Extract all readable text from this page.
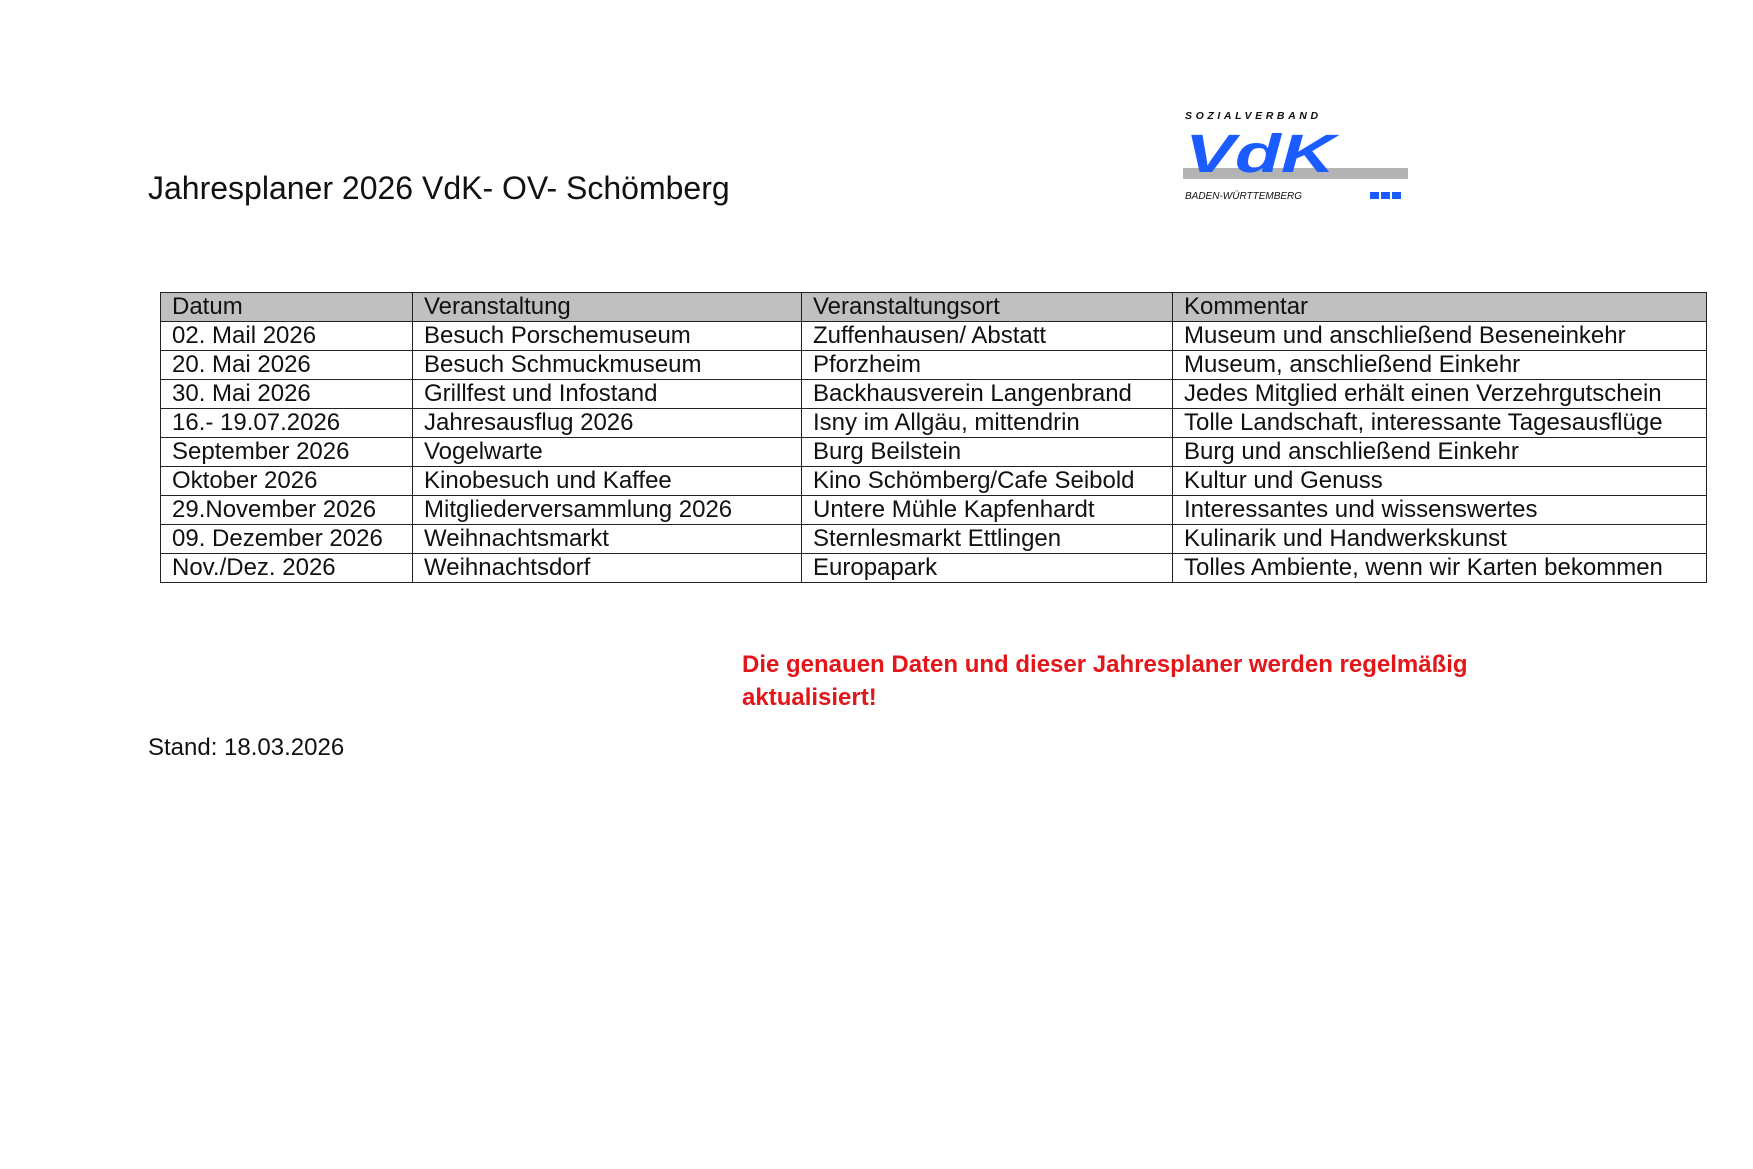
Jahresplaner 2026 VdK- OV- Schömberg
SOZIALVERBAND
VdK
BADEN-WÜRTTEMBERG
Datum	Veranstaltung	Veranstaltungsort	Kommentar
02. Mail 2026	Besuch Porschemuseum	Zuffenhausen/ Abstatt	Museum und anschließend Beseneinkehr
20. Mai 2026	Besuch Schmuckmuseum	Pforzheim	Museum, anschließend Einkehr
30. Mai 2026	Grillfest und Infostand	Backhausverein Langenbrand	Jedes Mitglied erhält einen Verzehrgutschein
16.- 19.07.2026	Jahresausflug 2026	Isny im Allgäu, mittendrin	Tolle Landschaft, interessante Tagesausflüge
September 2026	Vogelwarte	Burg Beilstein	Burg und anschließend Einkehr
Oktober 2026	Kinobesuch und Kaffee	Kino Schömberg/Cafe Seibold	Kultur und Genuss
29.November 2026	Mitgliederversammlung 2026	Untere Mühle Kapfenhardt	Interessantes und wissenswertes
09. Dezember 2026	Weihnachtsmarkt	Sternlesmarkt Ettlingen	Kulinarik und Handwerkskunst
Nov./Dez. 2026	Weihnachtsdorf	Europapark	Tolles Ambiente, wenn wir Karten bekommen

Die genauen Daten und dieser Jahresplaner werden regelmäßig aktualisiert!

Stand: 18.03.2026
